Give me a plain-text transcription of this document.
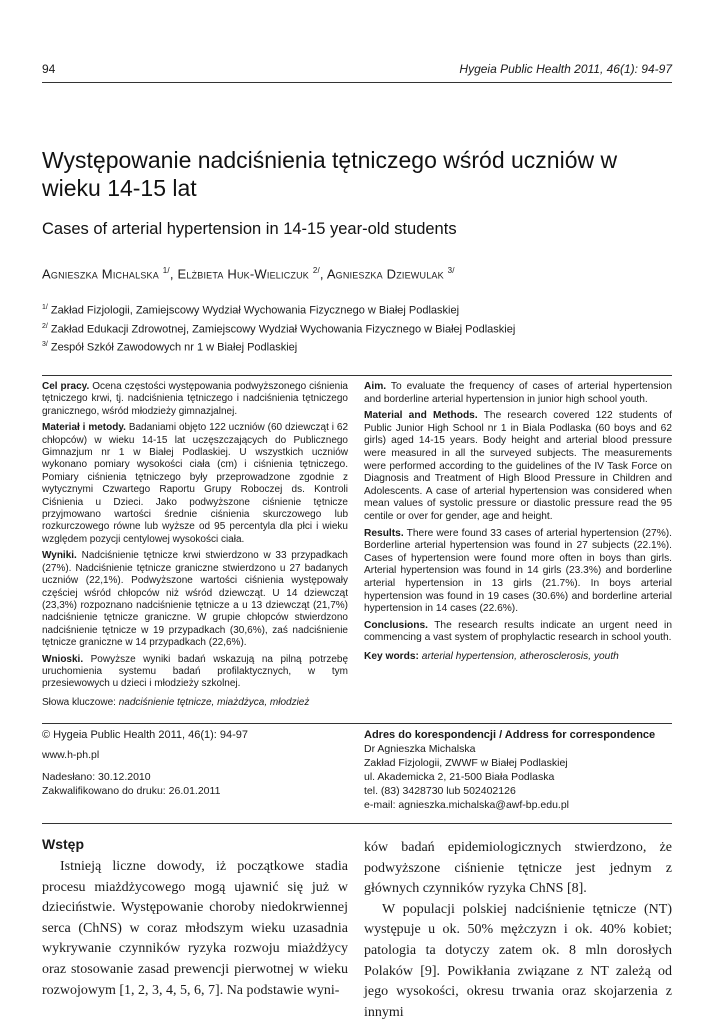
94	Hygeia Public Health 2011, 46(1): 94-97
Występowanie nadciśnienia tętniczego wśród uczniów w wieku 14-15 lat
Cases of arterial hypertension in 14-15 year-old students
Agnieszka Michalska $^{1/}$, Elżbieta Huk-Wieliczuk $^{2/}$, Agnieszka Dziewulak $^{3/}$
$^{1/}$ Zakład Fizjologii, Zamiejscowy Wydział Wychowania Fizycznego w Białej Podlaskiej
$^{2/}$ Zakład Edukacji Zdrowotnej, Zamiejscowy Wydział Wychowania Fizycznego w Białej Podlaskiej
$^{3/}$ Zespół Szkół Zawodowych nr 1 w Białej Podlaskiej

Cel pracy. Ocena częstości występowania podwyższonego ciśnienia tętniczego krwi, tj. nadciśnienia tętniczego i nadciśnienia tętniczego granicznego, wśród młodzieży gimnazjalnej.

Materiał i metody. Badaniami objęto 122 uczniów (60 dziewcząt i 62 chłopców) w wieku 14-15 lat uczęszczających do Publicznego Gimnazjum nr 1 w Białej Podlaskiej. U wszystkich uczniów wykonano pomiary wysokości ciała (cm) i ciśnienia tętniczego. Pomiary ciśnienia tętniczego były przeprowadzone zgodnie z wytycznymi Czwartego Raportu Grupy Roboczej ds. Kontroli Ciśnienia u Dzieci. Jako podwyższone ciśnienie tętnicze przyjmowano wartości średnie ciśnienia skurczowego lub rozkurczowego równe lub wyższe od 95 percentyla dla płci i wieku względem pozycji centylowej wysokości ciała.

Wyniki. Nadciśnienie tętnicze krwi stwierdzono w 33 przypadkach (27%). Nadciśnienie tętnicze graniczne stwierdzono u 27 badanych uczniów (22,1%). Podwyższone wartości ciśnienia występowały częściej wśród chłopców niż wśród dziewcząt. U 14 dziewcząt (23,3%) rozpoznano nadciśnienie tętnicze a u 13 dziewcząt (21,7%) nadciśnienie tętnicze graniczne. W grupie chłopców stwierdzono nadciśnienie tętnicze w 19 przypadkach (30,6%), zaś nadciśnienie tętnicze graniczne w 14 przypadkach (22,6%).

Wnioski. Powyższe wyniki badań wskazują na pilną potrzebę uruchomienia systemu badań profilaktycznych, w tym przesiewowych u dzieci i młodzieży szkolnej.

Słowa kluczowe: nadciśnienie tętnicze, miażdżyca, młodzież

Aim. To evaluate the frequency of cases of arterial hypertension and borderline arterial hypertension in junior high school youth.

Material and Methods. The research covered 122 students of Public Junior High School nr 1 in Biala Podlaska (60 boys and 62 girls) aged 14-15 years. Body height and arterial blood pressure were measured in all the surveyed subjects. The measurements were performed according to the guidelines of the IV Task Force on Diagnosis and Treatment of High Blood Pressure in Children and Adolescents. A case of arterial hypertension was considered when mean values of systolic pressure or diastolic pressure read the 95 centile or over for gender, age and height.

Results. There were found 33 cases of arterial hypertension (27%). Borderline arterial hypertension was found in 27 subjects (22.1%). Cases of hypertension were found more often in boys than girls. Arterial hypertension was found in 14 girls (23.3%) and borderline arterial hypertension in 13 girls (21.7%). In boys arterial hypertension was found in 19 cases (30.6%) and borderline arterial hypertension in 14 cases (22.6%).

Conclusions. The research results indicate an urgent need in commencing a vast system of prophylactic research in school youth.

Key words: arterial hypertension, atherosclerosis, youth

© Hygeia Public Health 2011, 46(1): 94-97
www.h-ph.pl
Nadesłano: 30.12.2010
Zakwalifikowano do druku: 26.01.2011
Adres do korespondencji / Address for correspondence
Dr Agnieszka Michalska
Zakład Fizjologii, ZWWF w Białej Podlaskiej
ul. Akademicka 2, 21-500 Biała Podlaska
tel. (83) 3428730 lub 502402126
e-mail: agnieszka.michalska@awf-bp.edu.pl
Wstęp

Istnieją liczne dowody, iż początkowe stadia procesu miażdżycowego mogą ujawnić się już w dzieciństwie. Występowanie choroby niedokrwiennej serca (ChNS) w coraz młodszym wieku uzasadnia wykrywanie czynników ryzyka rozwoju miażdżycy oraz stosowanie zasad prewencji pierwotnej w wieku rozwojowym [1, 2, 3, 4, 5, 6, 7]. Na podstawie wyni-

ków badań epidemiologicznych stwierdzono, że podwyższone ciśnienie tętnicze jest jednym z głównych czynników ryzyka ChNS [8].

W populacji polskiej nadciśnienie tętnicze (NT) występuje u ok. 50% mężczyzn i ok. 40% kobiet; patologia ta dotyczy zatem ok. 8 mln dorosłych Polaków [9]. Powikłania związane z NT zależą od jego wysokości, okresu trwania oraz skojarzenia z innymi
